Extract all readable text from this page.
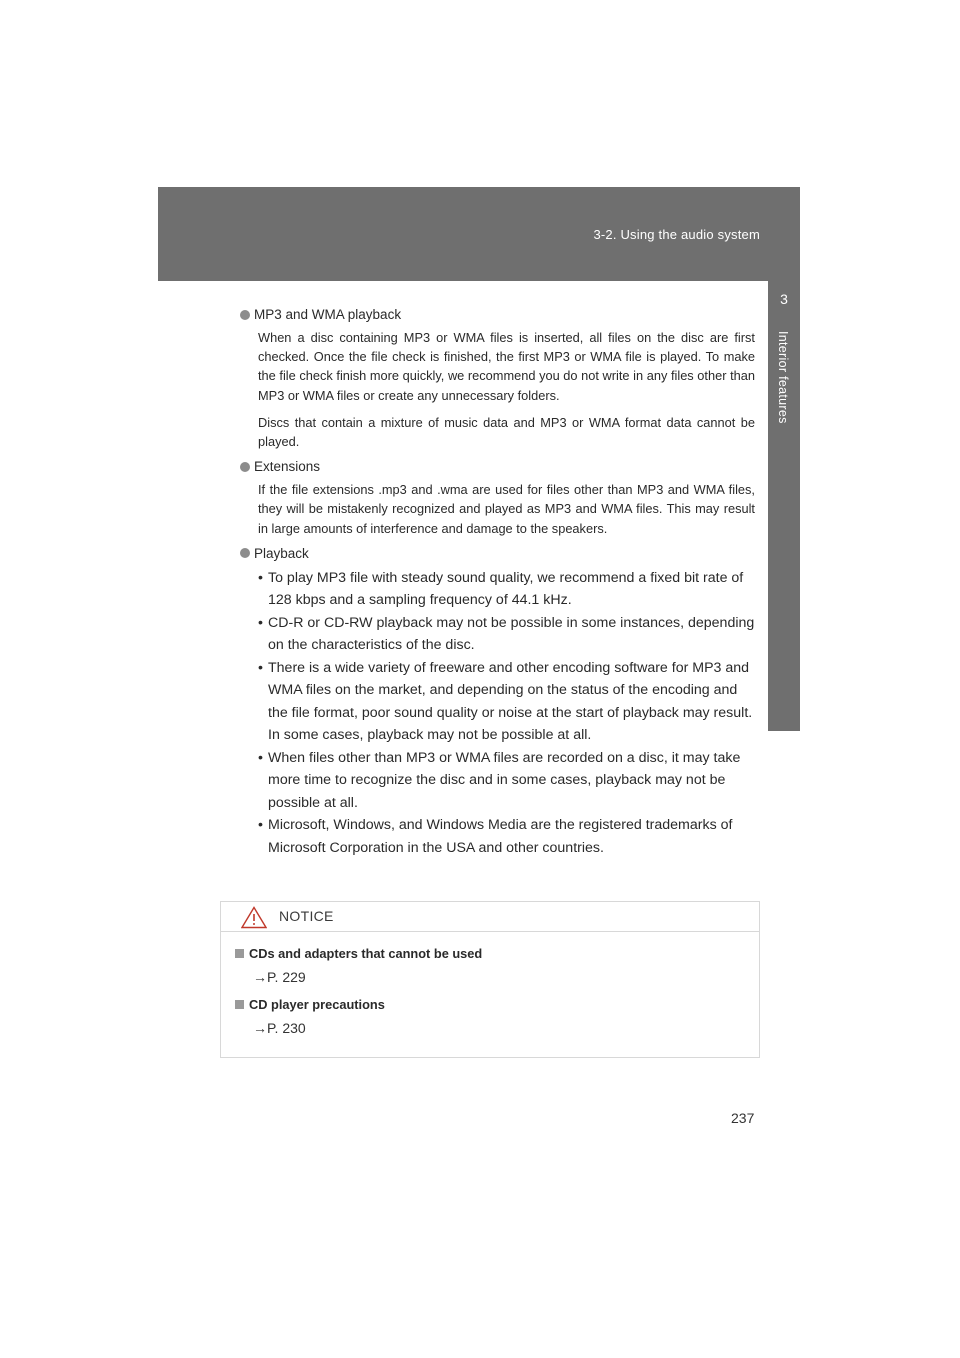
3-2. Using the audio system
3
Interior features
MP3 and WMA playback
When a disc containing MP3 or WMA files is inserted, all files on the disc are first checked. Once the file check is finished, the first MP3 or WMA file is played. To make the file check finish more quickly, we recommend you do not write in any files other than MP3 or WMA files or create any unnecessary folders.
Discs that contain a mixture of music data and MP3 or WMA format data cannot be played.
Extensions
If the file extensions .mp3 and .wma are used for files other than MP3 and WMA files, they will be mistakenly recognized and played as MP3 and WMA files. This may result in large amounts of interference and damage to the speakers.
Playback
• To play MP3 file with steady sound quality, we recommend a fixed bit rate of 128 kbps and a sampling frequency of 44.1 kHz.
• CD-R or CD-RW playback may not be possible in some instances, depending on the characteristics of the disc.
• There is a wide variety of freeware and other encoding software for MP3 and WMA files on the market, and depending on the status of the encoding and the file format, poor sound quality or noise at the start of playback may result. In some cases, playback may not be possible at all.
• When files other than MP3 or WMA files are recorded on a disc, it may take more time to recognize the disc and in some cases, playback may not be possible at all.
• Microsoft, Windows, and Windows Media are the registered trademarks of Microsoft Corporation in the USA and other countries.
NOTICE
CDs and adapters that cannot be used
→P. 229
CD player precautions
→P. 230
237
